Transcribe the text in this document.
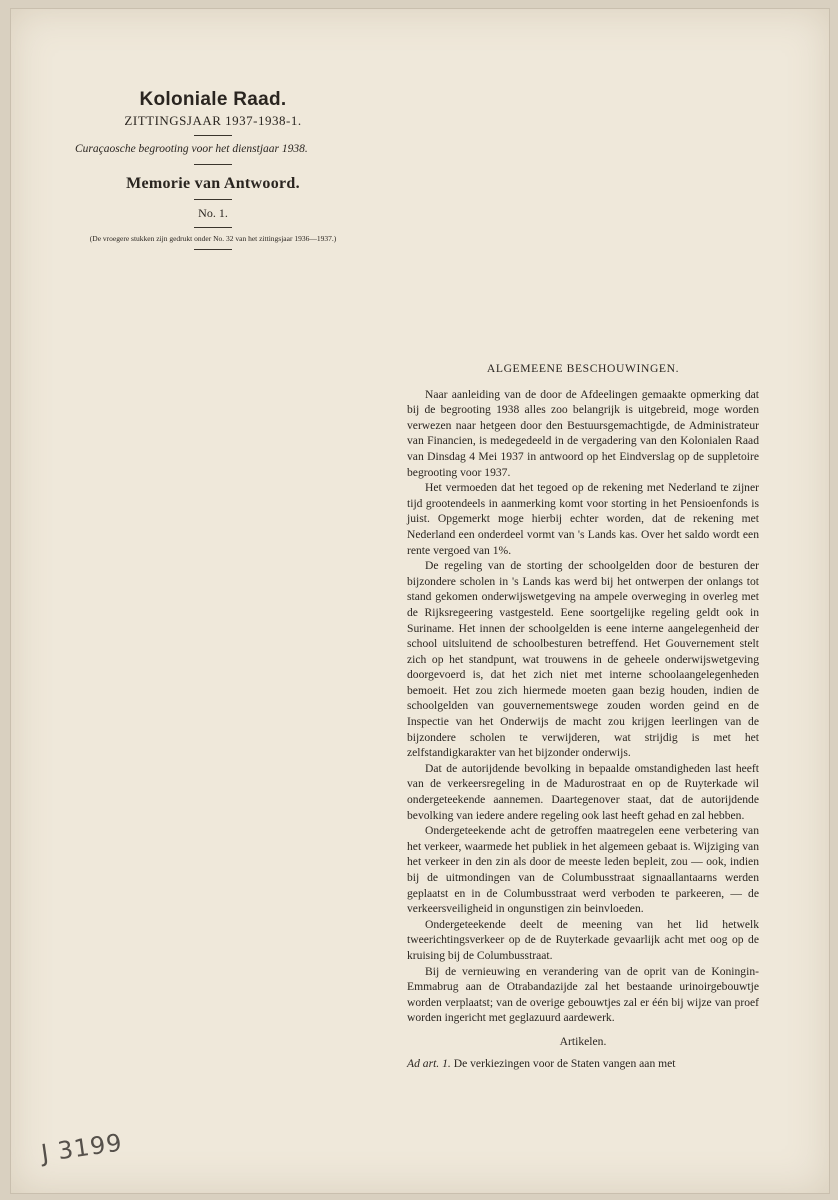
Koloniale Raad.
ZITTINGSJAAR 1937-1938-1.
Curaçaosche begrooting voor het dienstjaar 1938.
Memorie van Antwoord.
No. 1.
(De vroegere stukken zijn gedrukt onder No. 32 van het zittingsjaar 1936—1937.)
ALGEMEENE BESCHOUWINGEN.

Naar aanleiding van de door de Afdeelingen gemaakte opmerking dat bij de begrooting 1938 alles zoo belangrijk is uitgebreid, moge worden verwezen naar hetgeen door den Bestuursgemachtigde, de Administrateur van Financien, is medegedeeld in de vergadering van den Kolonialen Raad van Dinsdag 4 Mei 1937 in antwoord op het Eindverslag op de suppletoire begrooting voor 1937.

Het vermoeden dat het tegoed op de rekening met Nederland te zijner tijd grootendeels in aanmerking komt voor storting in het Pensioenfonds is juist. Opgemerkt moge hierbij echter worden, dat de rekening met Nederland een onderdeel vormt van 's Lands kas. Over het saldo wordt een rente vergoed van 1%.

De regeling van de storting der schoolgelden door de besturen der bijzondere scholen in 's Lands kas werd bij het ontwerpen der onlangs tot stand gekomen onderwijswetgeving na ampele overweging in overleg met de Rijksregeering vastgesteld. Eene soortgelijke regeling geldt ook in Suriname. Het innen der schoolgelden is eene interne aangelegenheid der school uitsluitend de schoolbesturen betreffend. Het Gouvernement stelt zich op het standpunt, wat trouwens in de geheele onderwijswetgeving doorgevoerd is, dat het zich niet met interne schoolaangelegenheden bemoeit. Het zou zich hiermede moeten gaan bezig houden, indien de schoolgelden van gouvernementswege zouden worden geind en de Inspectie van het Onderwijs de macht zou krijgen leerlingen van de bijzondere scholen te verwijderen, wat strijdig is met het zelfstandigkarakter van het bijzonder onderwijs.

Dat de autorijdende bevolking in bepaalde omstandigheden last heeft van de verkeersregeling in de Madurostraat en op de Ruyterkade wil ondergeteekende aannemen. Daartegenover staat, dat de autorijdende bevolking van iedere andere regeling ook last heeft gehad en zal hebben.

Ondergeteekende acht de getroffen maatregelen eene verbetering van het verkeer, waarmede het publiek in het algemeen gebaat is. Wijziging van het verkeer in den zin als door de meeste leden bepleit, zou — ook, indien bij de uitmondingen van de Columbusstraat signaallantaarns werden geplaatst en in de Columbusstraat werd verboden te parkeeren, — de verkeersveiligheid in ongunstigen zin beinvloeden.

Ondergeteekende deelt de meening van het lid hetwelk tweerichtingsverkeer op de de Ruyterkade gevaarlijk acht met oog op de kruising bij de Columbusstraat.

Bij de vernieuwing en verandering van de oprit van de Koningin-Emmabrug aan de Otrabandazijde zal het bestaande urinoirgebouwtje worden verplaatst; van de overige gebouwtjes zal er één bij wijze van proef worden ingericht met geglazuurd aardewerk.

Artikelen.

Ad art. 1. De verkiezingen voor de Staten vangen aan met

J 3199
